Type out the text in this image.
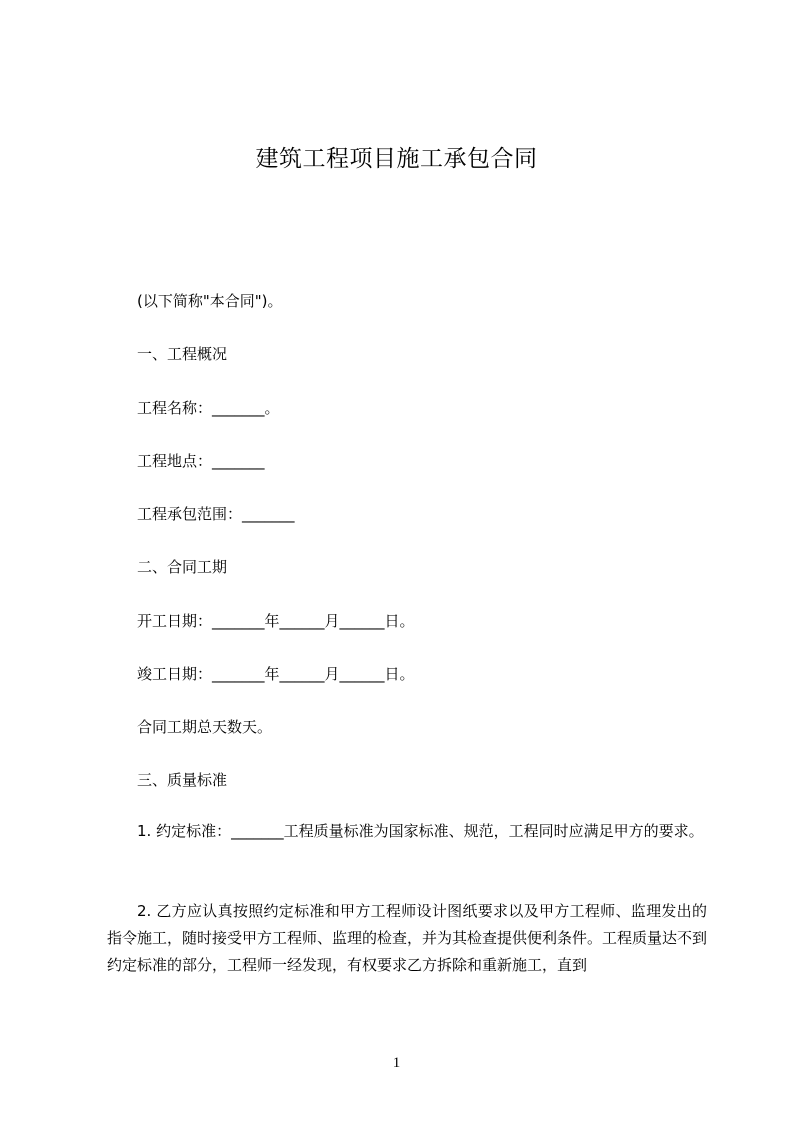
建筑工程项目施工承包合同
(以下简称"本合同")。
一、工程概况
工程名称：_______。
工程地点：_______
工程承包范围：_______
二、合同工期
开工日期：_______年______月______日。
竣工日期：_______年______月______日。
合同工期总天数天。
三、质量标准
1. 约定标准：_______工程质量标准为国家标准、规范，工程同时应满足甲方的要求。
2. 乙方应认真按照约定标准和甲方工程师设计图纸要求以及甲方工程师、监理发出的指令施工，随时接受甲方工程师、监理的检查，并为其检查提供便利条件。工程质量达不到约定标准的部分，工程师一经发现，有权要求乙方拆除和重新施工，直到
1
